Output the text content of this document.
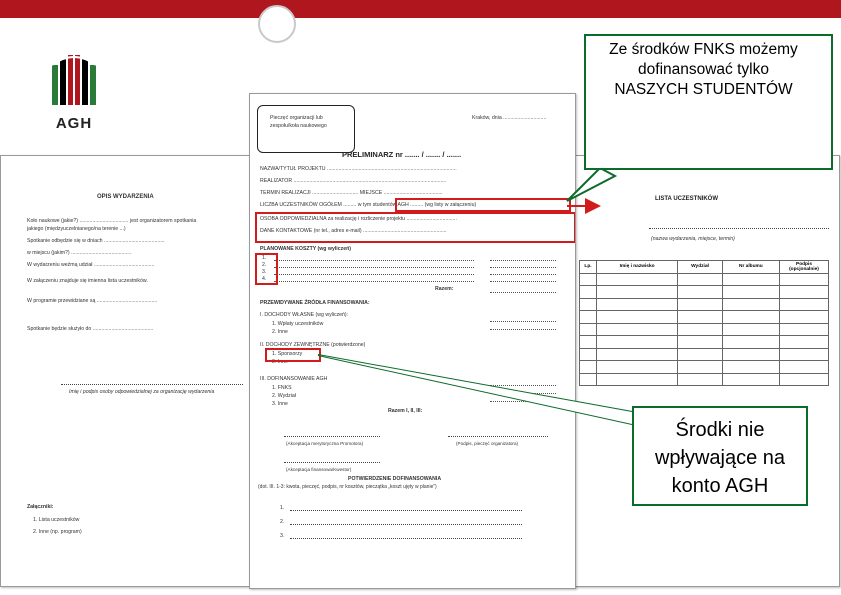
AGH
OPIS WYDARZENIA
Koło naukowe (jakie?) .................................. jest organizatorem spotkania
jakiego (międzyuczelnianego/na terenie ...)
Spotkanie odbędzie się w dniach ..........................................
w miejscu (jakim?) ..........................................
W wydarzeniu weźmą udział ..........................................
W załączeniu znajduje się imienna lista uczestników.
W programie przewidziane są ..........................................
Spotkanie będzie służyło do ..........................................
Imię i podpis osoby odpowiedzialnej za organizację wydarzenia
Załączniki:
1. Lista uczestników
2. Inne (np. program)
LISTA UCZESTNIKÓW
(nazwa wydarzenia, miejsce, termin)
Lp.	Imię i nazwisko	Wydział	Nr albumu	Podpis (opcjonalnie)

Pieczęć organizacji lub zespołu/koła naukowego
Kraków, dnia ..............................
PRELIMINARZ nr ....... / ....... / .......
NAZWA/TYTUŁ PROJEKTU ..........................................................................................
REALIZATOR ..........................................................................................................
TERMIN REALIZACJI ................................ MIEJSCE .........................................
LICZBA UCZESTNIKÓW OGÓŁEM ......... w tym studentów AGH ......... (wg listy w załączeniu)
OSOBA ODPOWIEDZIALNA za realizację i rozliczenie projektu ...................................
DANE KONTAKTOWE (nr tel., adres e-mail) ..........................................................
PLANOWANE KOSZTY (wg wyliczeń)
1.
2.
3.
4.
Razem:
PRZEWIDYWANE ŹRÓDŁA FINANSOWANIA:
I. DOCHODY WŁASNE (wg wyliczeń):
1. Wpłaty uczestników
2. Inne
II. DOCHODY ZEWNĘTRZNE (potwierdzone)
1. Sponsorzy
2. Inne
III. DOFINANSOWANIE AGH
1. FNKS
2. Wydział
3. Inne
Razem I, II, III:
(Akceptacja merytoryczna Promotora)	(Podpis, pieczęć organizatora)
(Akceptacja finansowa/Kwestor)
POTWIERDZENIE DOFINANSOWANIA
(dot. III. 1-3: kwota, pieczęć, podpis, nr kosztów, pieczątka „koszt ujęty w planie”)
1.
2.
3.
Ze środków FNKS możemy dofinansować tylko NASZYCH STUDENTÓW
Środki nie wpływające na konto AGH
